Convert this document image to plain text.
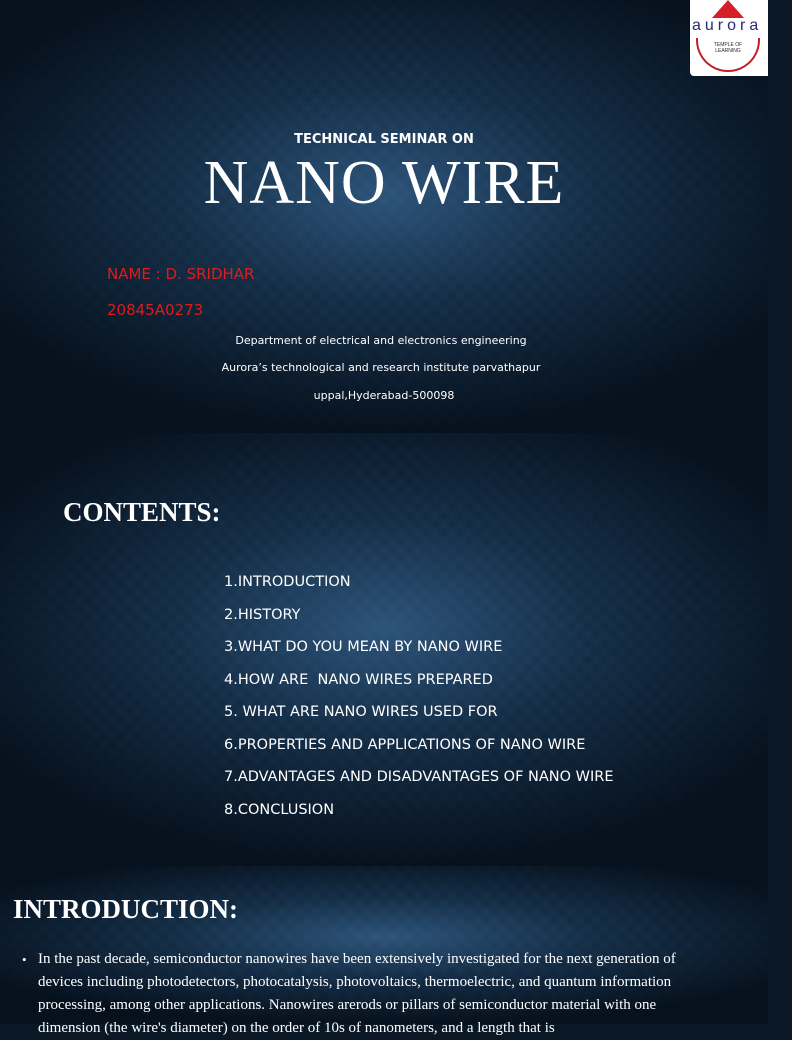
aurora
TEMPLE OF LEARNING
TECHNICAL SEMINAR ON
NANO WIRE
NAME : D. SRIDHAR
20845A0273
Department of electrical and electronics engineering
Aurora’s technological and research institute parvathapur
uppal,Hyderabad-500098
CONTENTS:
1.INTRODUCTION
2.HISTORY
3.WHAT DO YOU MEAN BY NANO WIRE
4.HOW ARE  NANO WIRES PREPARED
5. WHAT ARE NANO WIRES USED FOR
6.PROPERTIES AND APPLICATIONS OF NANO WIRE
7.ADVANTAGES AND DISADVANTAGES OF NANO WIRE
8.CONCLUSION
INTRODUCTION:
• In the past decade, semiconductor nanowires have been extensively investigated for the next generation of devices including photodetectors, photocatalysis, photovoltaics, thermoelectric, and quantum information processing, among other applications. Nanowires arerods or pillars of semiconductor material with one dimension (the wire's diameter) on the order of 10s of nanometers, and a length that is
